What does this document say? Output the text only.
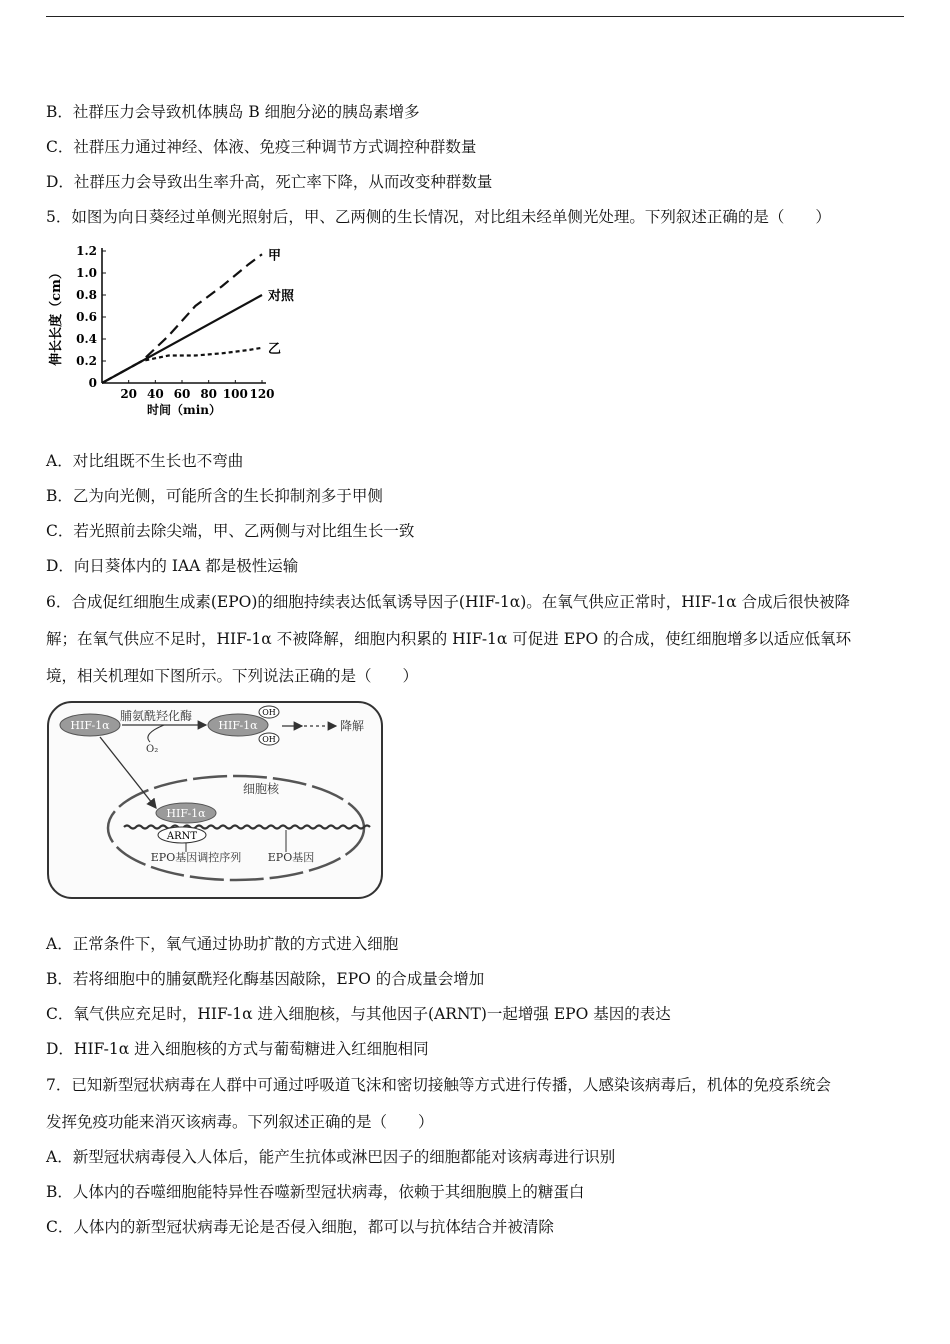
B．社群压力会导致机体胰岛 B 细胞分泌的胰岛素增多
C．社群压力通过神经、体液、免疫三种调节方式调控种群数量
D．社群压力会导致出生率升高，死亡率下降，从而改变种群数量
5．如图为向日葵经过单侧光照射后，甲、乙两侧的生长情况，对比组未经单侧光处理。下列叙述正确的是（　　）
伸长长度（cm）
时间（min）
0
0.2
0.4
0.6
0.8
1.0
1.2
20 40 60 80 100 120
甲
对照
乙
A．对比组既不生长也不弯曲
B．乙为向光侧，可能所含的生长抑制剂多于甲侧
C．若光照前去除尖端，甲、乙两侧与对比组生长一致
D．向日葵体内的 IAA 都是极性运输
6．合成促红细胞生成素(EPO)的细胞持续表达低氧诱导因子(HIF-1α)。在氧气供应正常时，HIF-1α 合成后很快被降
解；在氧气供应不足时，HIF-1α 不被降解，细胞内积累的 HIF-1α 可促进 EPO 的合成，使红细胞增多以适应低氧环
境，相关机理如下图所示。下列说法正确的是（　　）
HIF-1α
脯氨酰羟化酶
O₂
HIF-1α
OH
OH
降解
细胞核
HIF-1α
ARNT
EPO基因调控序列 EPO基因
A．正常条件下，氧气通过协助扩散的方式进入细胞
B．若将细胞中的脯氨酰羟化酶基因敲除，EPO 的合成量会增加
C．氧气供应充足时，HIF-1α 进入细胞核，与其他因子(ARNT)一起增强 EPO 基因的表达
D．HIF-1α 进入细胞核的方式与葡萄糖进入红细胞相同
7．已知新型冠状病毒在人群中可通过呼吸道飞沫和密切接触等方式进行传播，人感染该病毒后，机体的免疫系统会
发挥免疫功能来消灭该病毒。下列叙述正确的是（　　）
A．新型冠状病毒侵入人体后，能产生抗体或淋巴因子的细胞都能对该病毒进行识别
B．人体内的吞噬细胞能特异性吞噬新型冠状病毒，依赖于其细胞膜上的糖蛋白
C．人体内的新型冠状病毒无论是否侵入细胞，都可以与抗体结合并被清除
